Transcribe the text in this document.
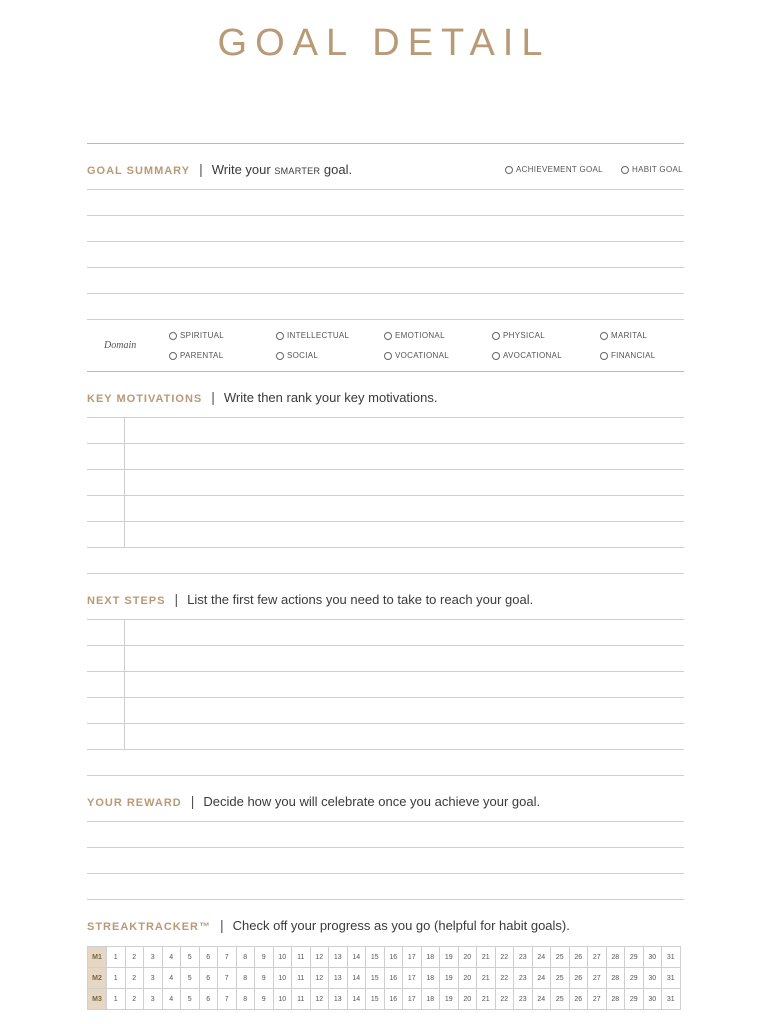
GOAL DETAIL
GOAL SUMMARY | Write your SMARTER goal.	ACHIEVEMENT GOAL	HABIT GOAL
Domain
SPIRITUAL	INTELLECTUAL	EMOTIONAL	PHYSICAL	MARITAL
PARENTAL	SOCIAL	VOCATIONAL	AVOCATIONAL	FINANCIAL
KEY MOTIVATIONS | Write then rank your key motivations.
NEXT STEPS | List the first few actions you need to take to reach your goal.
YOUR REWARD | Decide how you will celebrate once you achieve your goal.
STREAKTRACKER™ | Check off your progress as you go (helpful for habit goals).
M1	1	2	3	4	5	6	7	8	9	10	11	12	13	14	15	16	17	18	19	20	21	22	23	24	25	26	27	28	29	30	31
M2	1	2	3	4	5	6	7	8	9	10	11	12	13	14	15	16	17	18	19	20	21	22	23	24	25	26	27	28	29	30	31
M3	1	2	3	4	5	6	7	8	9	10	11	12	13	14	15	16	17	18	19	20	21	22	23	24	25	26	27	28	29	30	31
